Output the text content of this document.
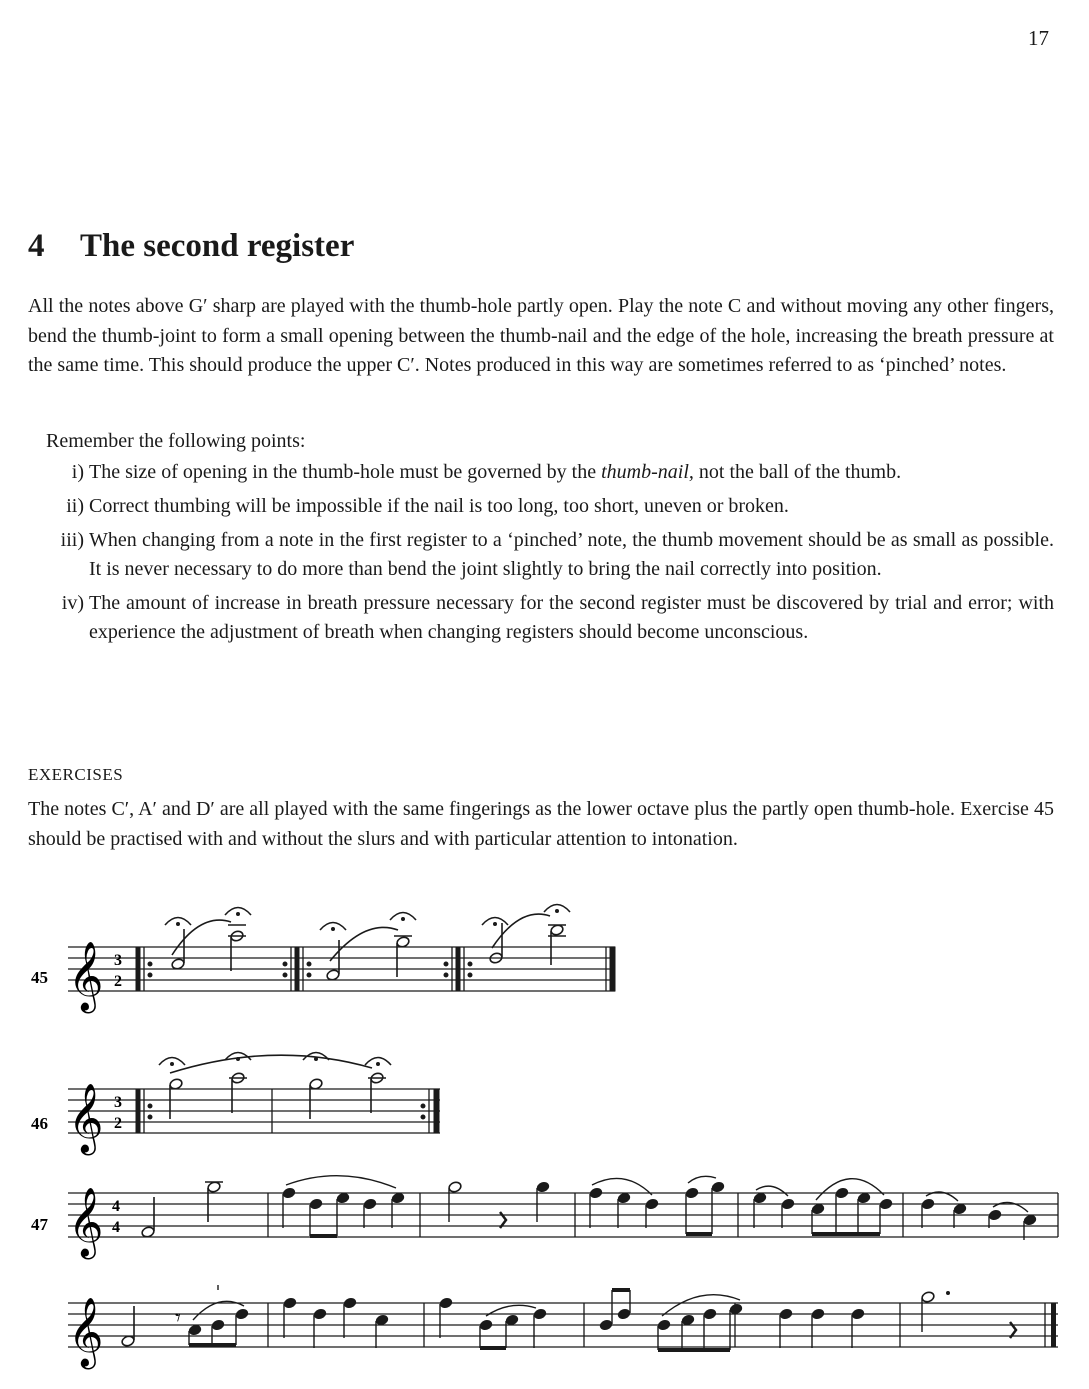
17
4 The second register

All the notes above G′ sharp are played with the thumb-hole partly open. Play the note C and without moving any other fingers, bend the thumb-joint to form a small opening between the thumb-nail and the edge of the hole, increasing the breath pressure at the same time. This should produce the upper C′. Notes produced in this way are sometimes referred to as ‘pinched’ notes.

Remember the following points:
i) The size of opening in the thumb-hole must be governed by the thumb-nail, not the ball of the thumb.
ii) Correct thumbing will be impossible if the nail is too long, too short, uneven or broken.
iii) When changing from a note in the first register to a ‘pinched’ note, the thumb movement should be as small as possible. It is never necessary to do more than bend the joint slightly to bring the nail correctly into position.
iv) The amount of increase in breath pressure necessary for the second register must be discovered by trial and error; with experience the adjustment of breath when changing registers should become unconscious.
EXERCISES

The notes C′, A′ and D′ are all played with the same fingerings as the lower octave plus the partly open thumb-hole. Exercise 45 should be practised with and without the slurs and with particular attention to intonation.

45 𝄞 3
2
46 𝄞 3
2
47 𝄞 4
4
𝄞	𝄾
